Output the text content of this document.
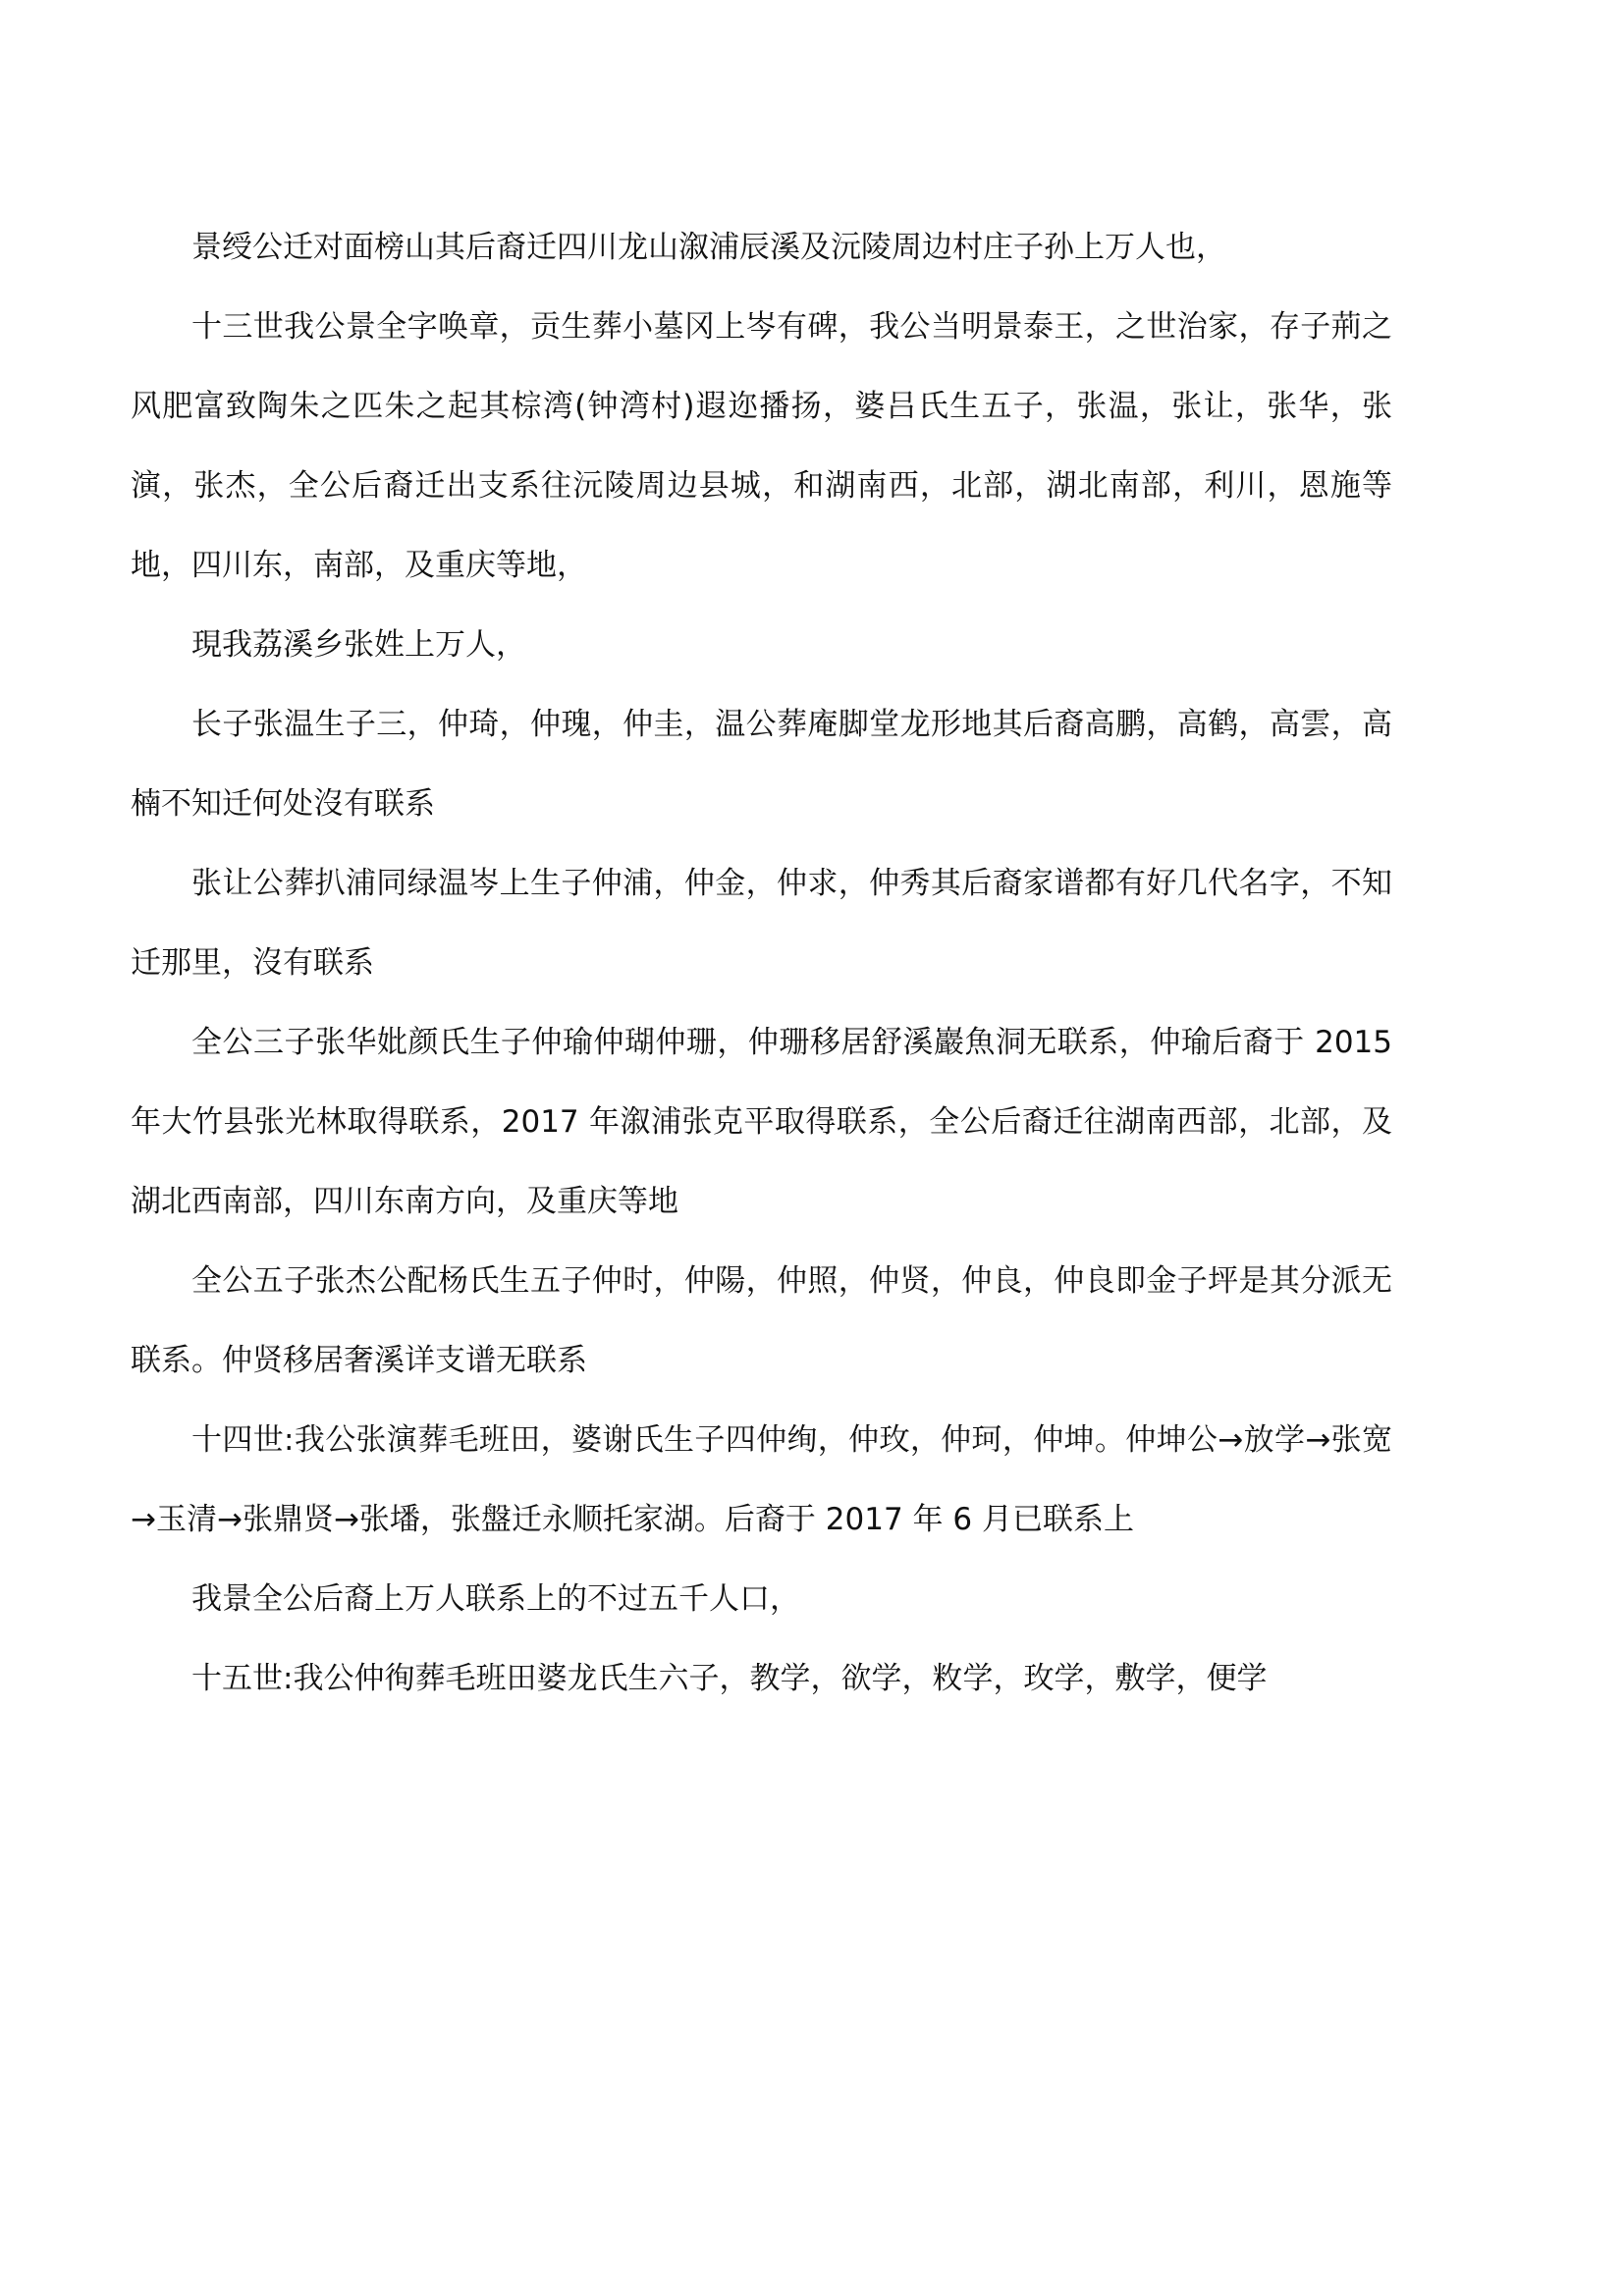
景绶公迁对面榜山其后裔迁四川龙山溆浦辰溪及沅陵周边村庄子孙上万人也，

十三世我公景全字唤章，贡生葬小墓冈上岑有碑，我公当明景泰王，之世治家，存子荊之风肥富致陶朱之匹朱之起其棕湾(钟湾村)遐迩播扬，婆吕氏生五子，张温，张让，张华，张演，张杰，全公后裔迁出支系往沅陵周边县城，和湖南西，北部，湖北南部，利川，恩施等地，四川东，南部，及重庆等地，

現我荔溪乡张姓上万人，

长子张温生子三，仲琦，仲瑰，仲圭，温公葬庵脚堂龙形地其后裔高鹏，高鹤，高雲，高楠不知迁何处沒有联系

张让公葬扒浦同绿温岑上生子仲浦，仲金，仲求，仲秀其后裔家谱都有好几代名字，不知迁那里，沒有联系

全公三子张华妣颜氏生子仲瑜仲瑚仲珊，仲珊移居舒溪巖魚洞无联系，仲瑜后裔于 2015 年大竹县张光林取得联系，2017 年溆浦张克平取得联系，全公后裔迁往湖南西部，北部，及湖北西南部，四川东南方向，及重庆等地

全公五子张杰公配杨氏生五子仲时，仲陽，仲照，仲贤，仲良，仲良即金子坪是其分派无联系。仲贤移居奢溪详支谱无联系

十四世:我公张演葬毛班田，婆谢氏生子四仲绚，仲玫，仲珂，仲坤。仲坤公→放学→张宽→玉清→张鼎贤→张墦，张盤迁永顺托家湖。后裔于 2017 年 6 月已联系上

我景全公后裔上万人联系上的不过五千人口，

十五世:我公仲徇葬毛班田婆龙氏生六子，教学，欲学，敉学，玫学，敷学，便学
